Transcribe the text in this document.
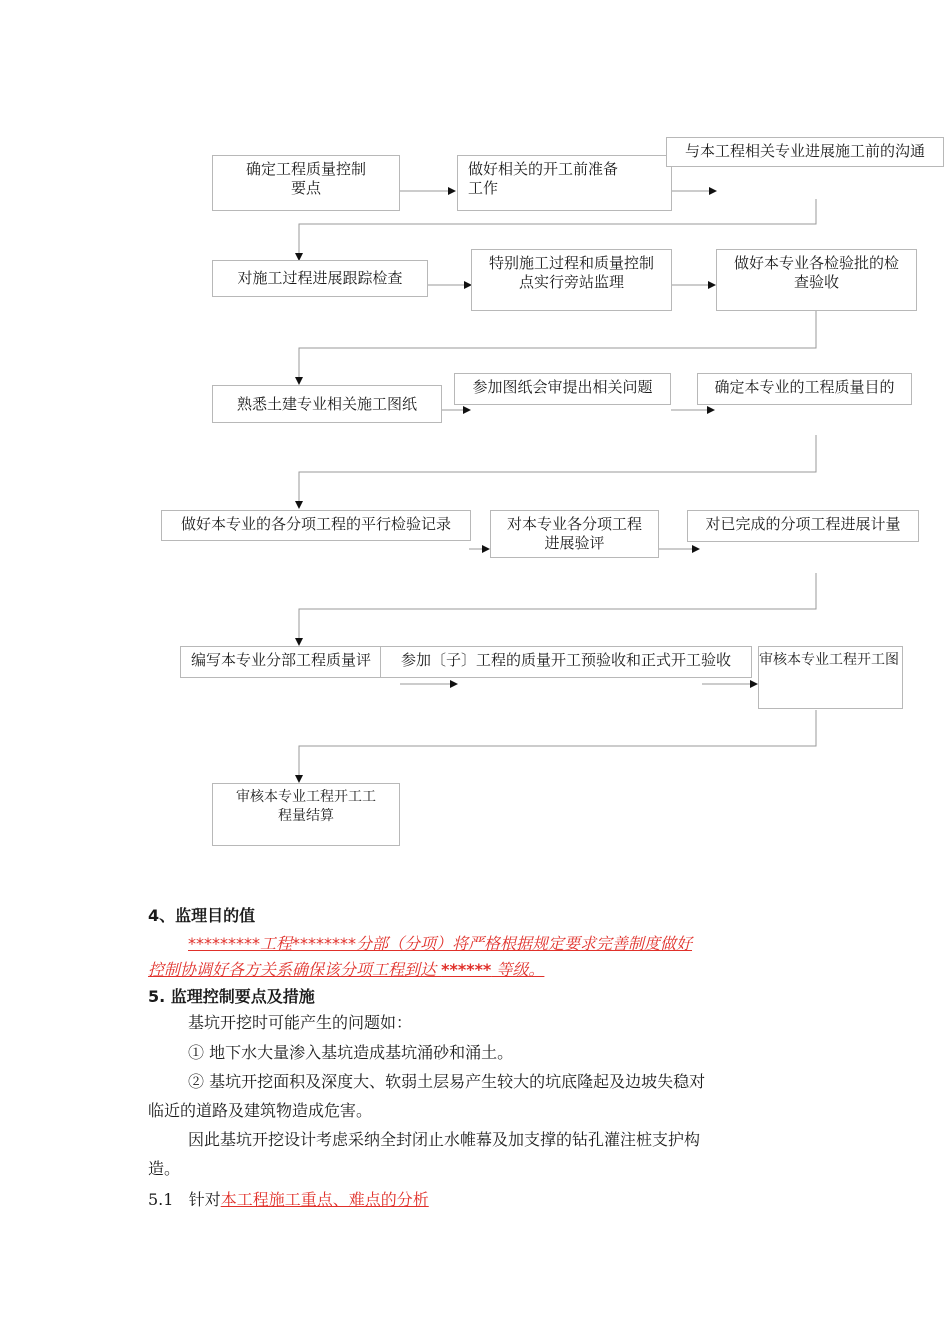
确定工程质量控制
要点
做好相关的开工前准备
工作
与本工程相关专业进展施工前的沟通
对施工过程进展跟踪检查
特别施工过程和质量控制
点实行旁站监理
做好本专业各检验批的检
查验收
熟悉土建专业相关施工图纸
参加图纸会审提出相关问题	确定本专业的工程质量目的
做好本专业的各分项工程的平行检验记录	对本专业各分项工程
进展验评
对已完成的分项工程进展计量
编写本专业分部工程质量评	参加〔子〕工程的质量开工预验收和正式开工验收	审核本专业工程开工图
审核本专业工程开工工
程量结算
4、监理目的值
*********工程********分部（分项）将严格根据规定要求完善制度做好
控制协调好各方关系确保该分项工程到达 ****** 等级。
5. 监理控制要点及措施
基坑开挖时可能产生的问题如：
① 地下水大量渗入基坑造成基坑涌砂和涌土。
② 基坑开挖面积及深度大、软弱土层易产生较大的坑底隆起及边坡失稳对
临近的道路及建筑物造成危害。
因此基坑开挖设计考虑采纳全封闭止水帷幕及加支撑的钻孔灌注桩支护构
造。
5.1   针对本工程施工重点、难点的分析
